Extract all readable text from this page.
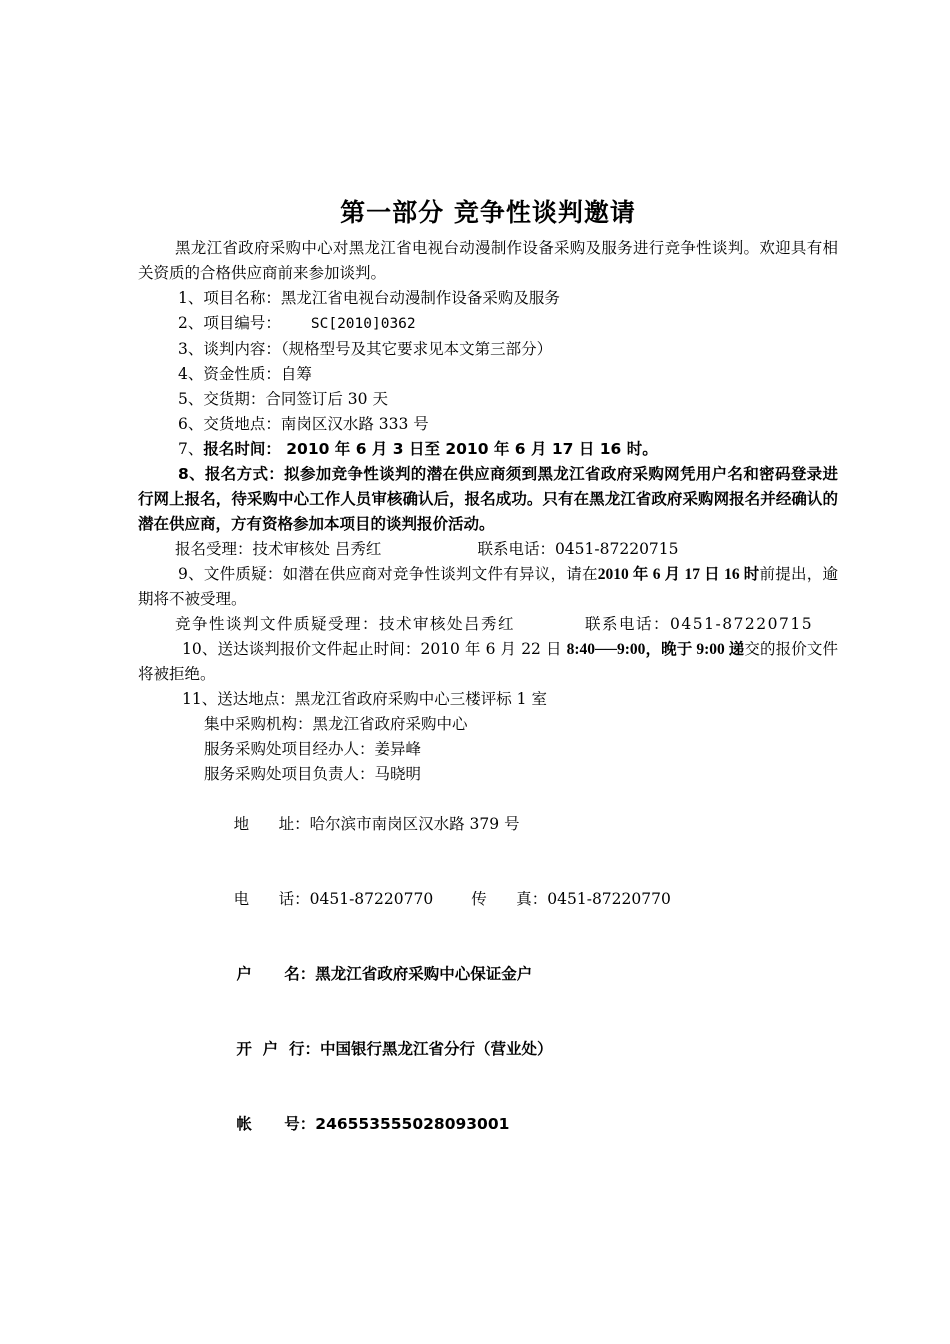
第一部分 竞争性谈判邀请

黑龙江省政府采购中心对黑龙江省电视台动漫制作设备采购及服务进行竞争性谈判。欢迎具有相关资质的合格供应商前来参加谈判。

1、项目名称：黑龙江省电视台动漫制作设备采购及服务

2、项目编号： SC[2010]0362

3、谈判内容：（规格型号及其它要求见本文第三部分）

4、资金性质：自筹

5、交货期：合同签订后 30 天

6、交货地点：南岗区汉水路 333 号

7、报名时间： 2010 年 6 月 3 日至 2010 年 6 月 17 日 16 时。

8、报名方式：拟参加竞争性谈判的潜在供应商须到黑龙江省政府采购网凭用户名和密码登录进行网上报名，待采购中心工作人员审核确认后，报名成功。只有在黑龙江省政府采购网报名并经确认的潜在供应商，方有资格参加本项目的谈判报价活动。

报名受理：技术审核处 吕秀红	联系电话：0451-87220715

9、文件质疑：如潜在供应商对竞争性谈判文件有异议，请在2010 年 6 月 17 日 16 时前提出，逾期将不被受理。

竞争性谈判文件质疑受理：技术审核处吕秀红	联系电话：0451-87220715

10、送达谈判报价文件起止时间：2010 年 6 月 22 日 8:40──9:00，晚于 9:00 递交的报价文件将被拒绝。

11、送达地点：黑龙江省政府采购中心三楼评标 1 室

集中采购机构：黑龙江省政府采购中心

服务采购处项目经办人：姜异峰

服务采购处项目负责人：马晓明

地      址：哈尔滨市南岗区汉水路 379 号

电      话：0451-87220770 传      真：0451-87220770

户      名：黑龙江省政府采购中心保证金户

开  户  行：中国银行黑龙江省分行（营业处）

帐      号：246553555028093001
